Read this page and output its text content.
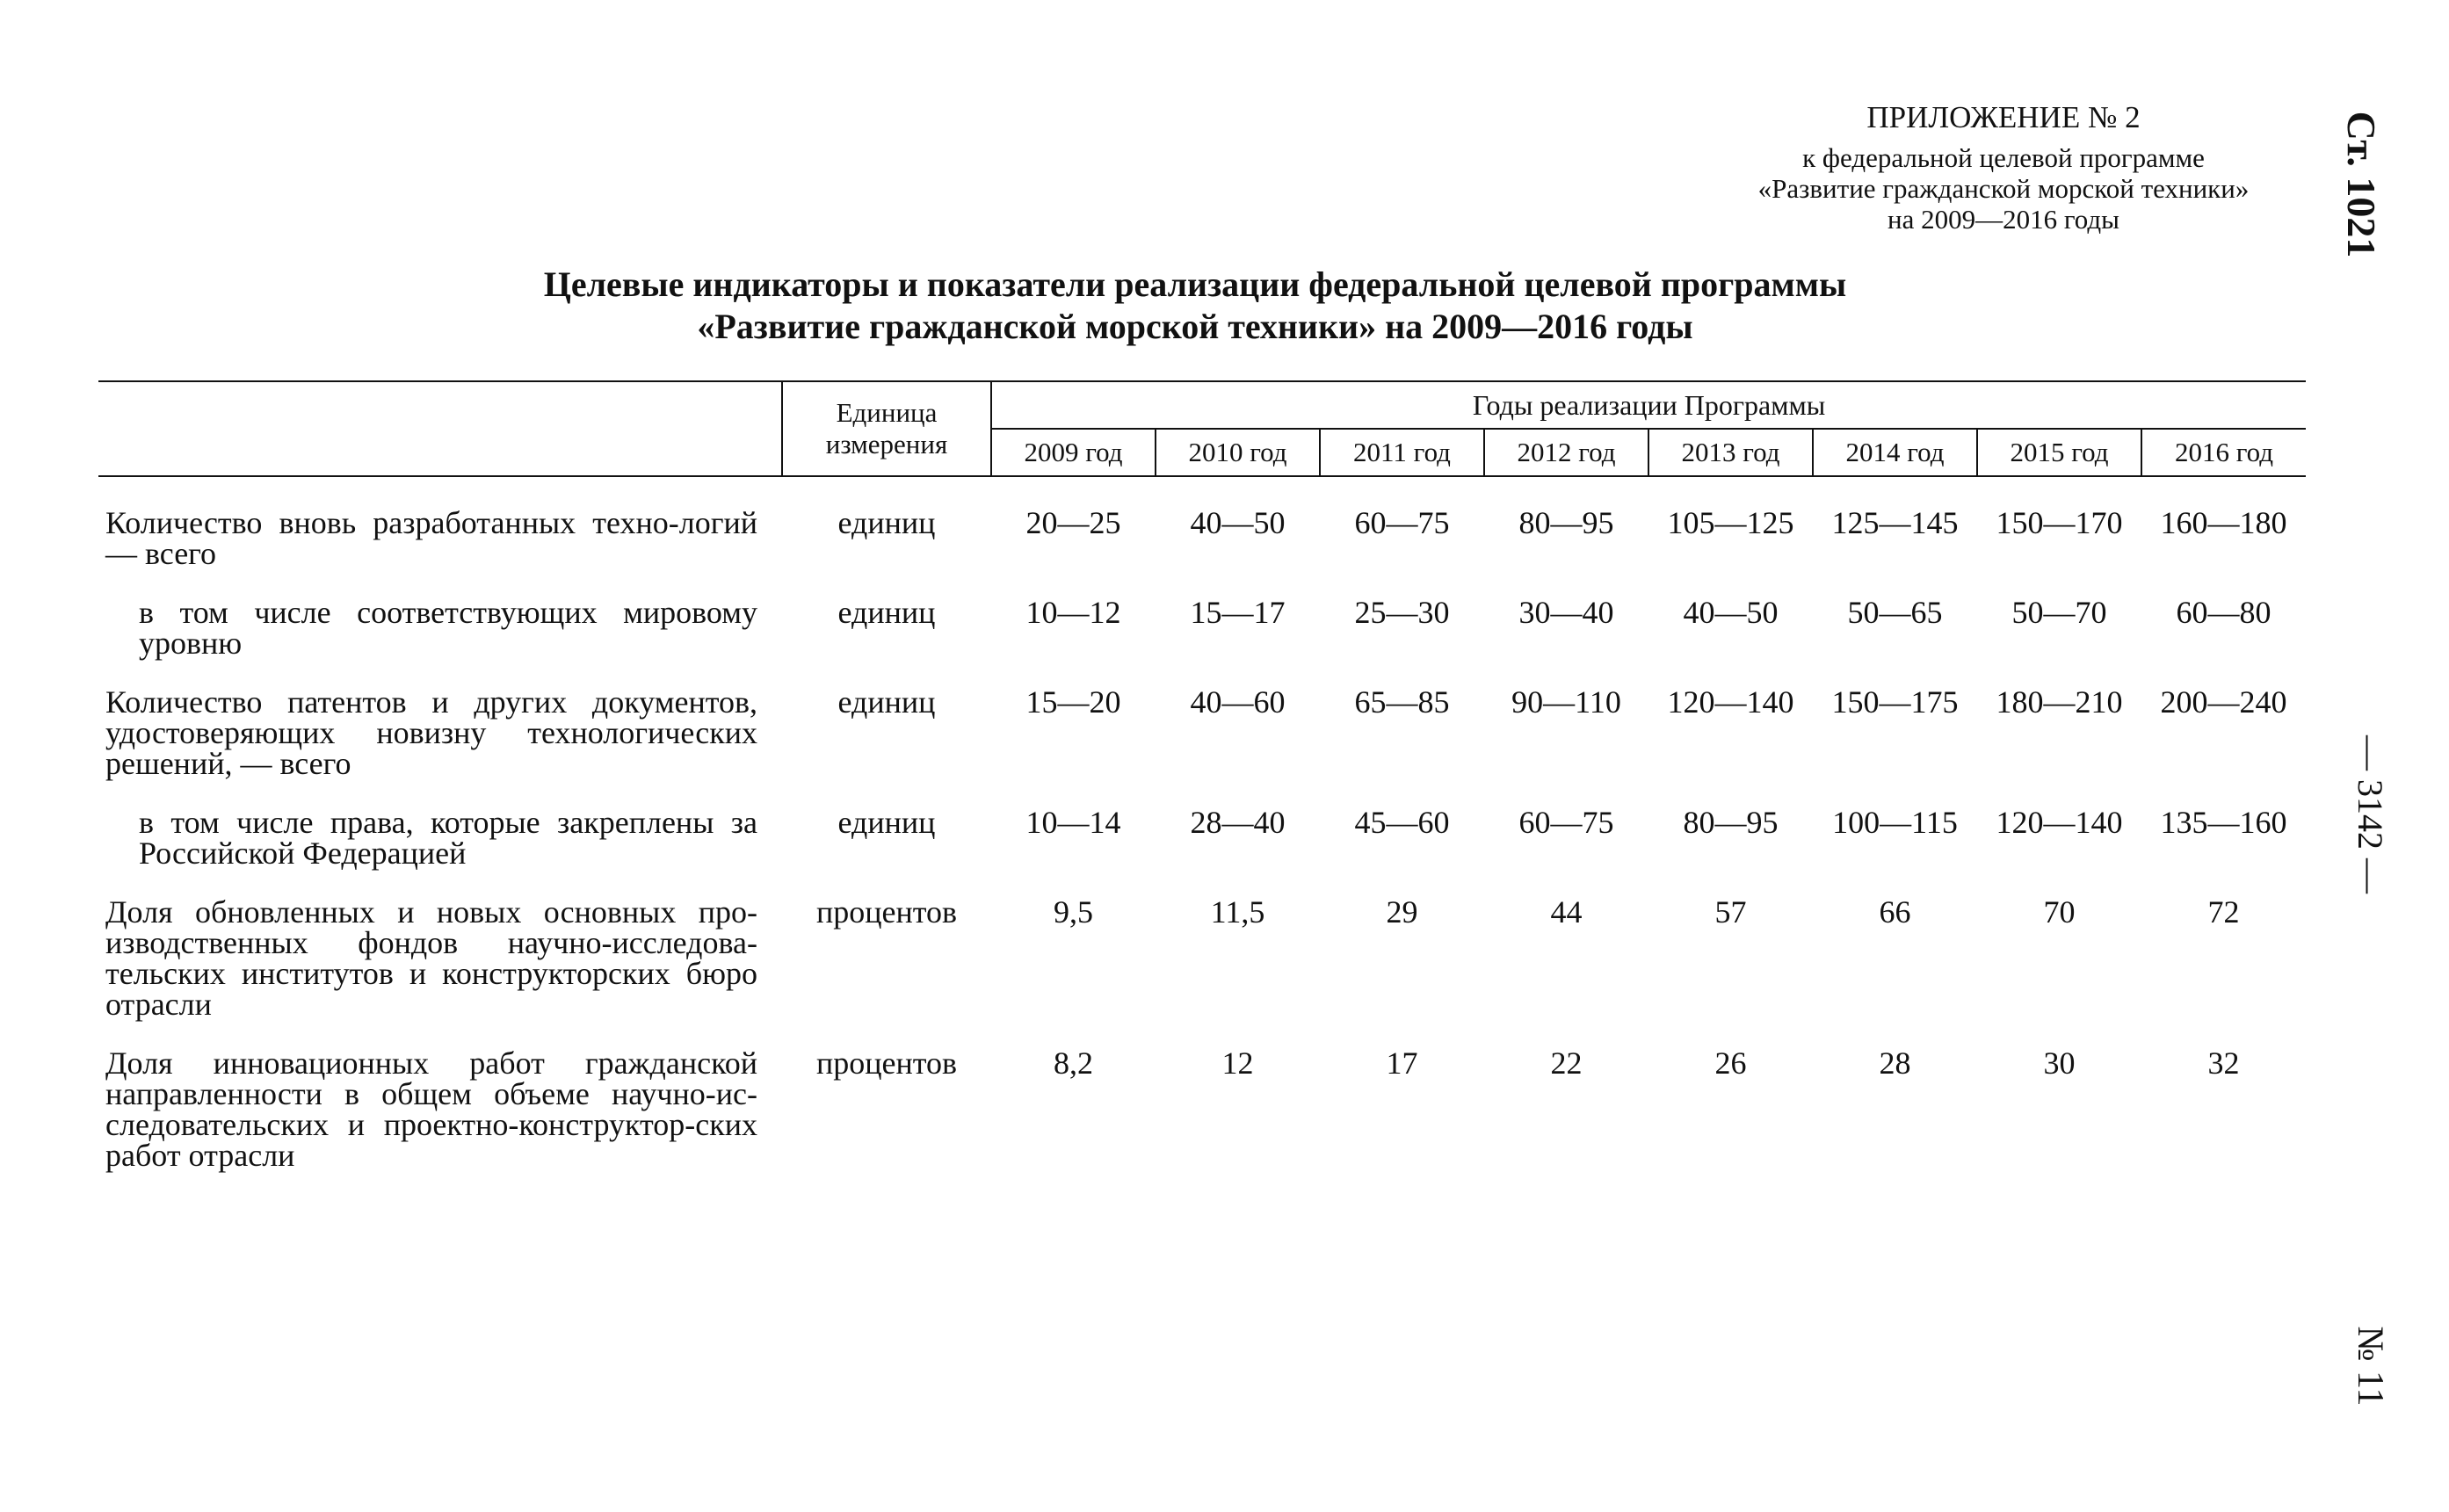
ПРИЛОЖЕНИЕ № 2
к федеральной целевой программе
«Развитие гражданской морской техники»
на 2009—2016 годы	Ст. 1021
— 3142 —
№ 11
Целевые индикаторы и показатели реализации федеральной целевой программы
«Развитие гражданской морской техники» на 2009—2016 годы
	Единица измерения	Годы реализации Программы							
		2009 год	2010 год	2011 год	2012 год	2013 год	2014 год	2015 год	2016 год

Количество вновь разработанных техно-логий — всего	единиц	20—25	40—50	60—75	80—95	105—125	125—145	150—170	160—180

в том числе соответствующих мировому уровню	единиц	10—12	15—17	25—30	30—40	40—50	50—65	50—70	60—80

Количество патентов и других документов, удостоверяющих новизну технологических решений, — всего	единиц	15—20	40—60	65—85	90—110	120—140	150—175	180—210	200—240

в том числе права, которые закреплены за Российской Федерацией	единиц	10—14	28—40	45—60	60—75	80—95	100—115	120—140	135—160

Доля обновленных и новых основных про-изводственных фондов научно-исследова-тельских институтов и конструкторских бюро отрасли	процентов	9,5	11,5	29	44	57	66	70	72

Доля инновационных работ гражданской направленности в общем объеме научно-ис-следовательских и проектно-конструктор-ских работ отрасли	процентов	8,2	12	17	22	26	28	30	32
